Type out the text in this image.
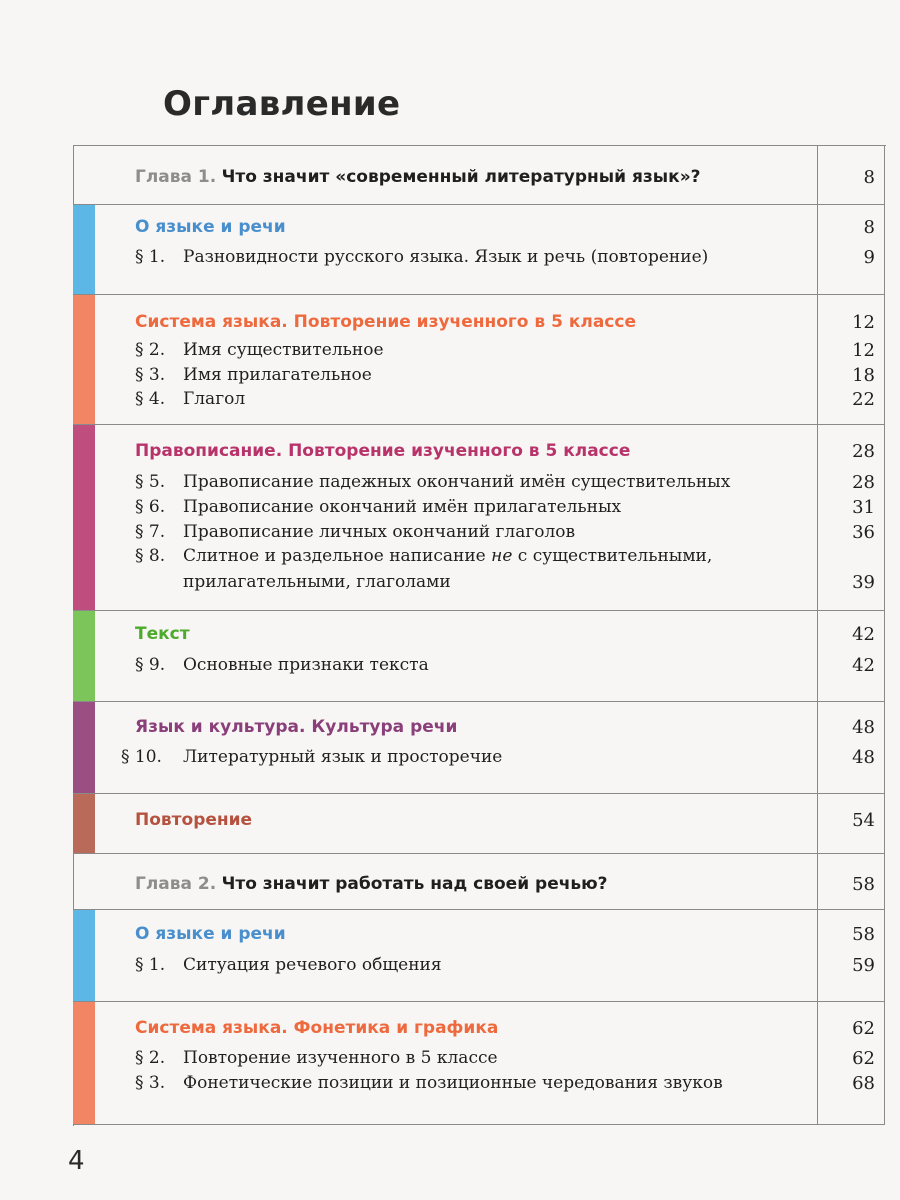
Оглавление
Глава 1. Что значит «современный литературный язык»?	8
О языке и речи	8
§ 1. Разновидности русского языка. Язык и речь (повторение)	9
Система языка. Повторение изученного в 5 классе	12
§ 2. Имя существительное	12
§ 3. Имя прилагательное	18
§ 4. Глагол	22
Правописание. Повторение изученного в 5 классе	28
§ 5. Правописание падежных окончаний имён существительных	28
§ 6. Правописание окончаний имён прилагательных	31
§ 7. Правописание личных окончаний глаголов	36
§ 8. Слитное и раздельное написание не с существительными,
прилагательными, глаголами	39
Текст	42
§ 9. Основные признаки текста	42
Язык и культура. Культура речи	48
§ 10. Литературный язык и просторечие	48
Повторение	54
Глава 2. Что значит работать над своей речью?	58
О языке и речи	58
§ 1. Ситуация речевого общения	59
Система языка. Фонетика и графика	62
§ 2. Повторение изученного в 5 классе	62
§ 3. Фонетические позиции и позиционные чередования звуков	68
4
